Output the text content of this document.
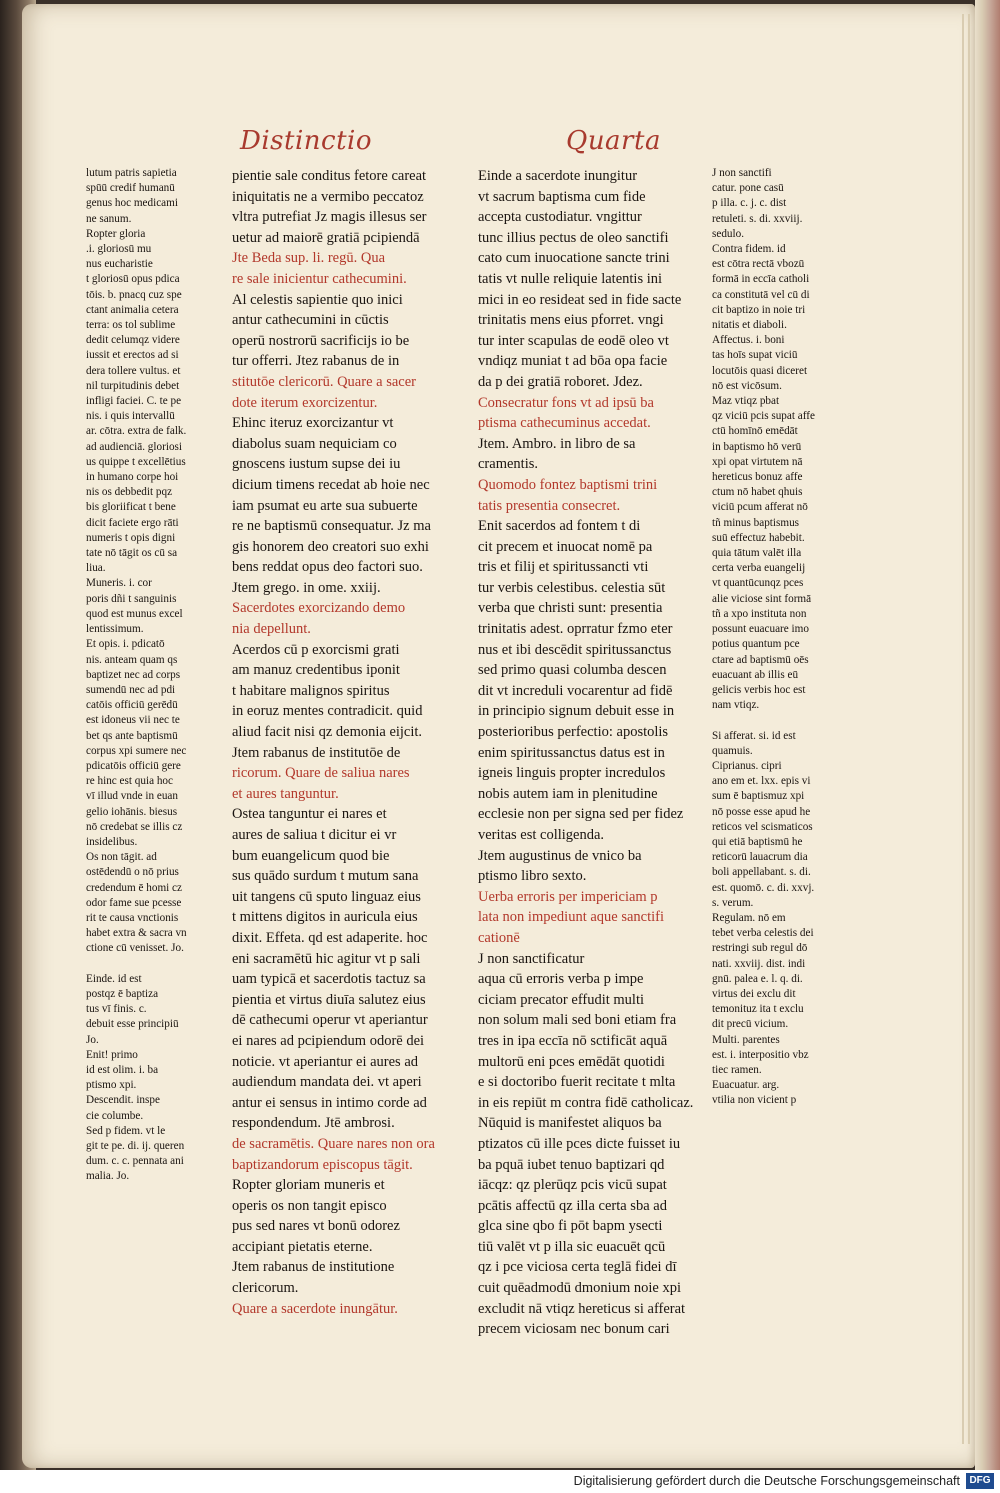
Distinctio	Quarta
lutum patris sapietia
spūū credif humanū
genus hoc medicami
ne sanum.
Ropter gloria
.i. gloriosū mu
nus eucharistie
t gloriosū opus pdica
tōis. b. pnacq cuz spe
ctant animalia cetera
terra: os tol sublime
dedit celumqz videre
iussit et erectos ad si
dera tollere vultus. et
nil turpitudinis debet
infligi faciei. C. te pe
nis. i quis intervallū
ar. cōtra. extra de falk.
ad audienciā. gloriosi
us quippe t excellētius
in humano corpe hoi
nis os debbedit pqz
bis gloriificat t bene
dicit faciete ergo rāti
numeris t opis digni
tate nō tāgit os cū sa
liua.
Muneris. i. cor
poris dñi t sanguinis
quod est munus excel
lentissimum.
Et opis. i. pdicatō
nis. anteam quam qs
baptizet nec ad corps
sumendū nec ad pdi
catōis officiū gerēdū
est idoneus vii nec te
bet qs ante baptismū
corpus xpi sumere nec
pdicatōis officiū gere
re hinc est quia hoc
vī illud vnde in euan
gelio iohānis. biesus
nō credebat se illis cz
insidelibus.
Os non tāgit. ad
ostēdendū o nō prius
credendum ē homi cz
odor fame sue pcesse
rit te causa vnctionis
habet extra & sacra vn
ctione cū venisset. Jo.

Einde. id est
postqz ē baptiza
tus vī finis. c.
debuit esse principiū
Jo.
Enit! primo
id est olim. i. ba
ptismo xpi.
Descendit. inspe
cie columbe.
Sed p fidem. vt le
git te pe. di. ij. queren
dum. c. c. pennata ani
malia. Jo.
pientie sale conditus fetore careat
iniquitatis ne a vermibo peccatoz
vltra putrefiat Jz magis illesus ser
uetur ad maiorē gratiā pcipiendā
Jte Beda sup. li. regū. Qua
re sale inicientur cathecumini.
Al celestis sapientie quo inici
antur cathecumini in cūctis
operū nostrorū sacrificijs io be
tur offerri. Jtez rabanus de in
stitutōe clericorū. Quare a sacer
dote iterum exorcizentur.
Ehinc iteruz exorcizantur vt
diabolus suam nequiciam co
gnoscens iustum supse dei iu
dicium timens recedat ab hoie nec
iam psumat eu arte sua subuerte
re ne baptismū consequatur. Jz ma
gis honorem deo creatori suo exhi
bens reddat opus deo factori suo.
Jtem grego. in ome. xxiij.
Sacerdotes exorcizando demo
nia depellunt.
Acerdos cū p exorcismi grati
am manuz credentibus iponit
t habitare malignos spiritus
in eoruz mentes contradicit. quid
aliud facit nisi qz demonia eijcit.
Jtem rabanus de institutōe de
ricorum. Quare de saliua nares
et aures tanguntur.
Ostea tanguntur ei nares et
aures de saliua t dicitur ei vr
bum euangelicum quod bie
sus quādo surdum t mutum sana
uit tangens cū sputo linguaz eius
t mittens digitos in auricula eius
dixit. Effeta. qd est adaperite. hoc
eni sacramētū hic agitur vt p sali
uam typicā et sacerdotis tactuz sa
pientia et virtus diuīa salutez eius
dē cathecumi operur vt aperiantur
ei nares ad pcipiendum odorē dei
noticie. vt aperiantur ei aures ad
audiendum mandata dei. vt aperi
antur ei sensus in intimo corde ad
respondendum. Jtē ambrosi.
de sacramētis. Quare nares non ora
baptizandorum episcopus tāgit.
Ropter gloriam muneris et
operis os non tangit episco
pus sed nares vt bonū odorez
accipiant pietatis eterne.
Jtem rabanus de institutione
clericorum.
Quare a sacerdote inungātur.
Einde a sacerdote inungitur
vt sacrum baptisma cum fide
accepta custodiatur. vngittur
tunc illius pectus de oleo sanctifi
cato cum inuocatione sancte trini
tatis vt nulle reliquie latentis ini
mici in eo resideat sed in fide sacte
trinitatis mens eius pforret. vngi
tur inter scapulas de eodē oleo vt
vndiqz muniat t ad bōa opa facie
da p dei gratiā roboret. Jdez.
Consecratur fons vt ad ipsū ba
ptisma cathecuminus accedat.
Jtem. Ambro. in libro de sa
cramentis.
Quomodo fontez baptismi trini
tatis presentia consecret.
Enit sacerdos ad fontem t di
cit precem et inuocat nomē pa
tris et filij et spiritussancti vti
tur verbis celestibus. celestia sūt
verba que christi sunt: presentia
trinitatis adest. oprratur fzmo eter
nus et ibi descēdit spiritussanctus
sed primo quasi columba descen
dit vt increduli vocarentur ad fidē
in principio signum debuit esse in
posterioribus perfectio: apostolis
enim spiritussanctus datus est in
igneis linguis propter incredulos
nobis autem iam in plenitudine
ecclesie non per signa sed per fidez
veritas est colligenda.
Jtem augustinus de vnico ba
ptismo libro sexto.
Uerba erroris per impericiam p
lata non impediunt aque sanctifi
cationē
J non sanctificatur
aqua cū erroris verba p impe
ciciam precator effudit multi
non solum mali sed boni etiam fra
tres in ipa eccīa nō sctificāt aquā
multorū eni pces emēdāt quotidi
e si doctoribo fuerit recitate t mlta
in eis repiūt m contra fidē catholicaz.
Nūquid is manifestet aliquos ba
ptizatos cū ille pces dicte fuisset iu
ba pquā iubet tenuo baptizari qd
iācqz: qz plerūqz pcis vicū supat
pcātis affectū qz illa certa sba ad
glca sine qbo fi pōt bapm ysecti
tiū valēt vt p illa sic euacuēt qcū
qz i pce viciosa certa teglā fidei dī
cuit quēadmodū dmonium noie xpi
excludit nā vtiqz hereticus si afferat
precem viciosam nec bonum cari
J non sanctifi
catur. pone casū
p illa. c. j. c. dist
retuleti. s. di. xxviij.
sedulo.
Contra fidem. id
est cōtra rectā vbozū
formā in eccīa catholi
ca constitutā vel cū di
cit baptizo in noie tri
nitatis et diaboli.
Affectus. i. boni
tas hoīs supat viciū
locutōis quasi diceret
nō est vicōsum.
Maz vtiqz pbat
qz viciū pcis supat affe
ctū homīnō emēdāt
in baptismo hō verū
xpi opat virtutem nā
hereticus bonuz affe
ctum nō habet qhuis
viciū pcum afferat nō
tñ minus baptismus
suū effectuz habebit.
quia tātum valēt illa
certa verba euangelij
vt quantūcunqz pces
alie viciose sint formā
tñ a xpo instituta non
possunt euacuare imo
potius quantum pce
ctare ad baptismū oēs
euacuant ab illis eū
gelicis verbis hoc est
nam vtiqz.

Si afferat. si. id est
quamuis.
Ciprianus. cipri
ano em et. lxx. epis vi
sum ē baptismuz xpi
nō posse esse apud he
reticos vel scismaticos
qui etiā baptismū he
reticorū lauacrum dia
boli appellabant. s. di.
est. quomō. c. di. xxvj.
s. verum.
Regulam. nō em
tebet verba celestis dei
restringi sub regul dō
nati. xxviij. dist. indi
gnū. palea e. l. q. di.
virtus dei exclu dit
temonituz ita t exclu
dit precū vicium.
Multi. parentes
est. i. interpositio vbz
tiec ramen.
Euacuatur. arg.
vtilia non vicient p
Digitalisierung gefördert durch die Deutsche Forschungsgemeinschaft DFG
